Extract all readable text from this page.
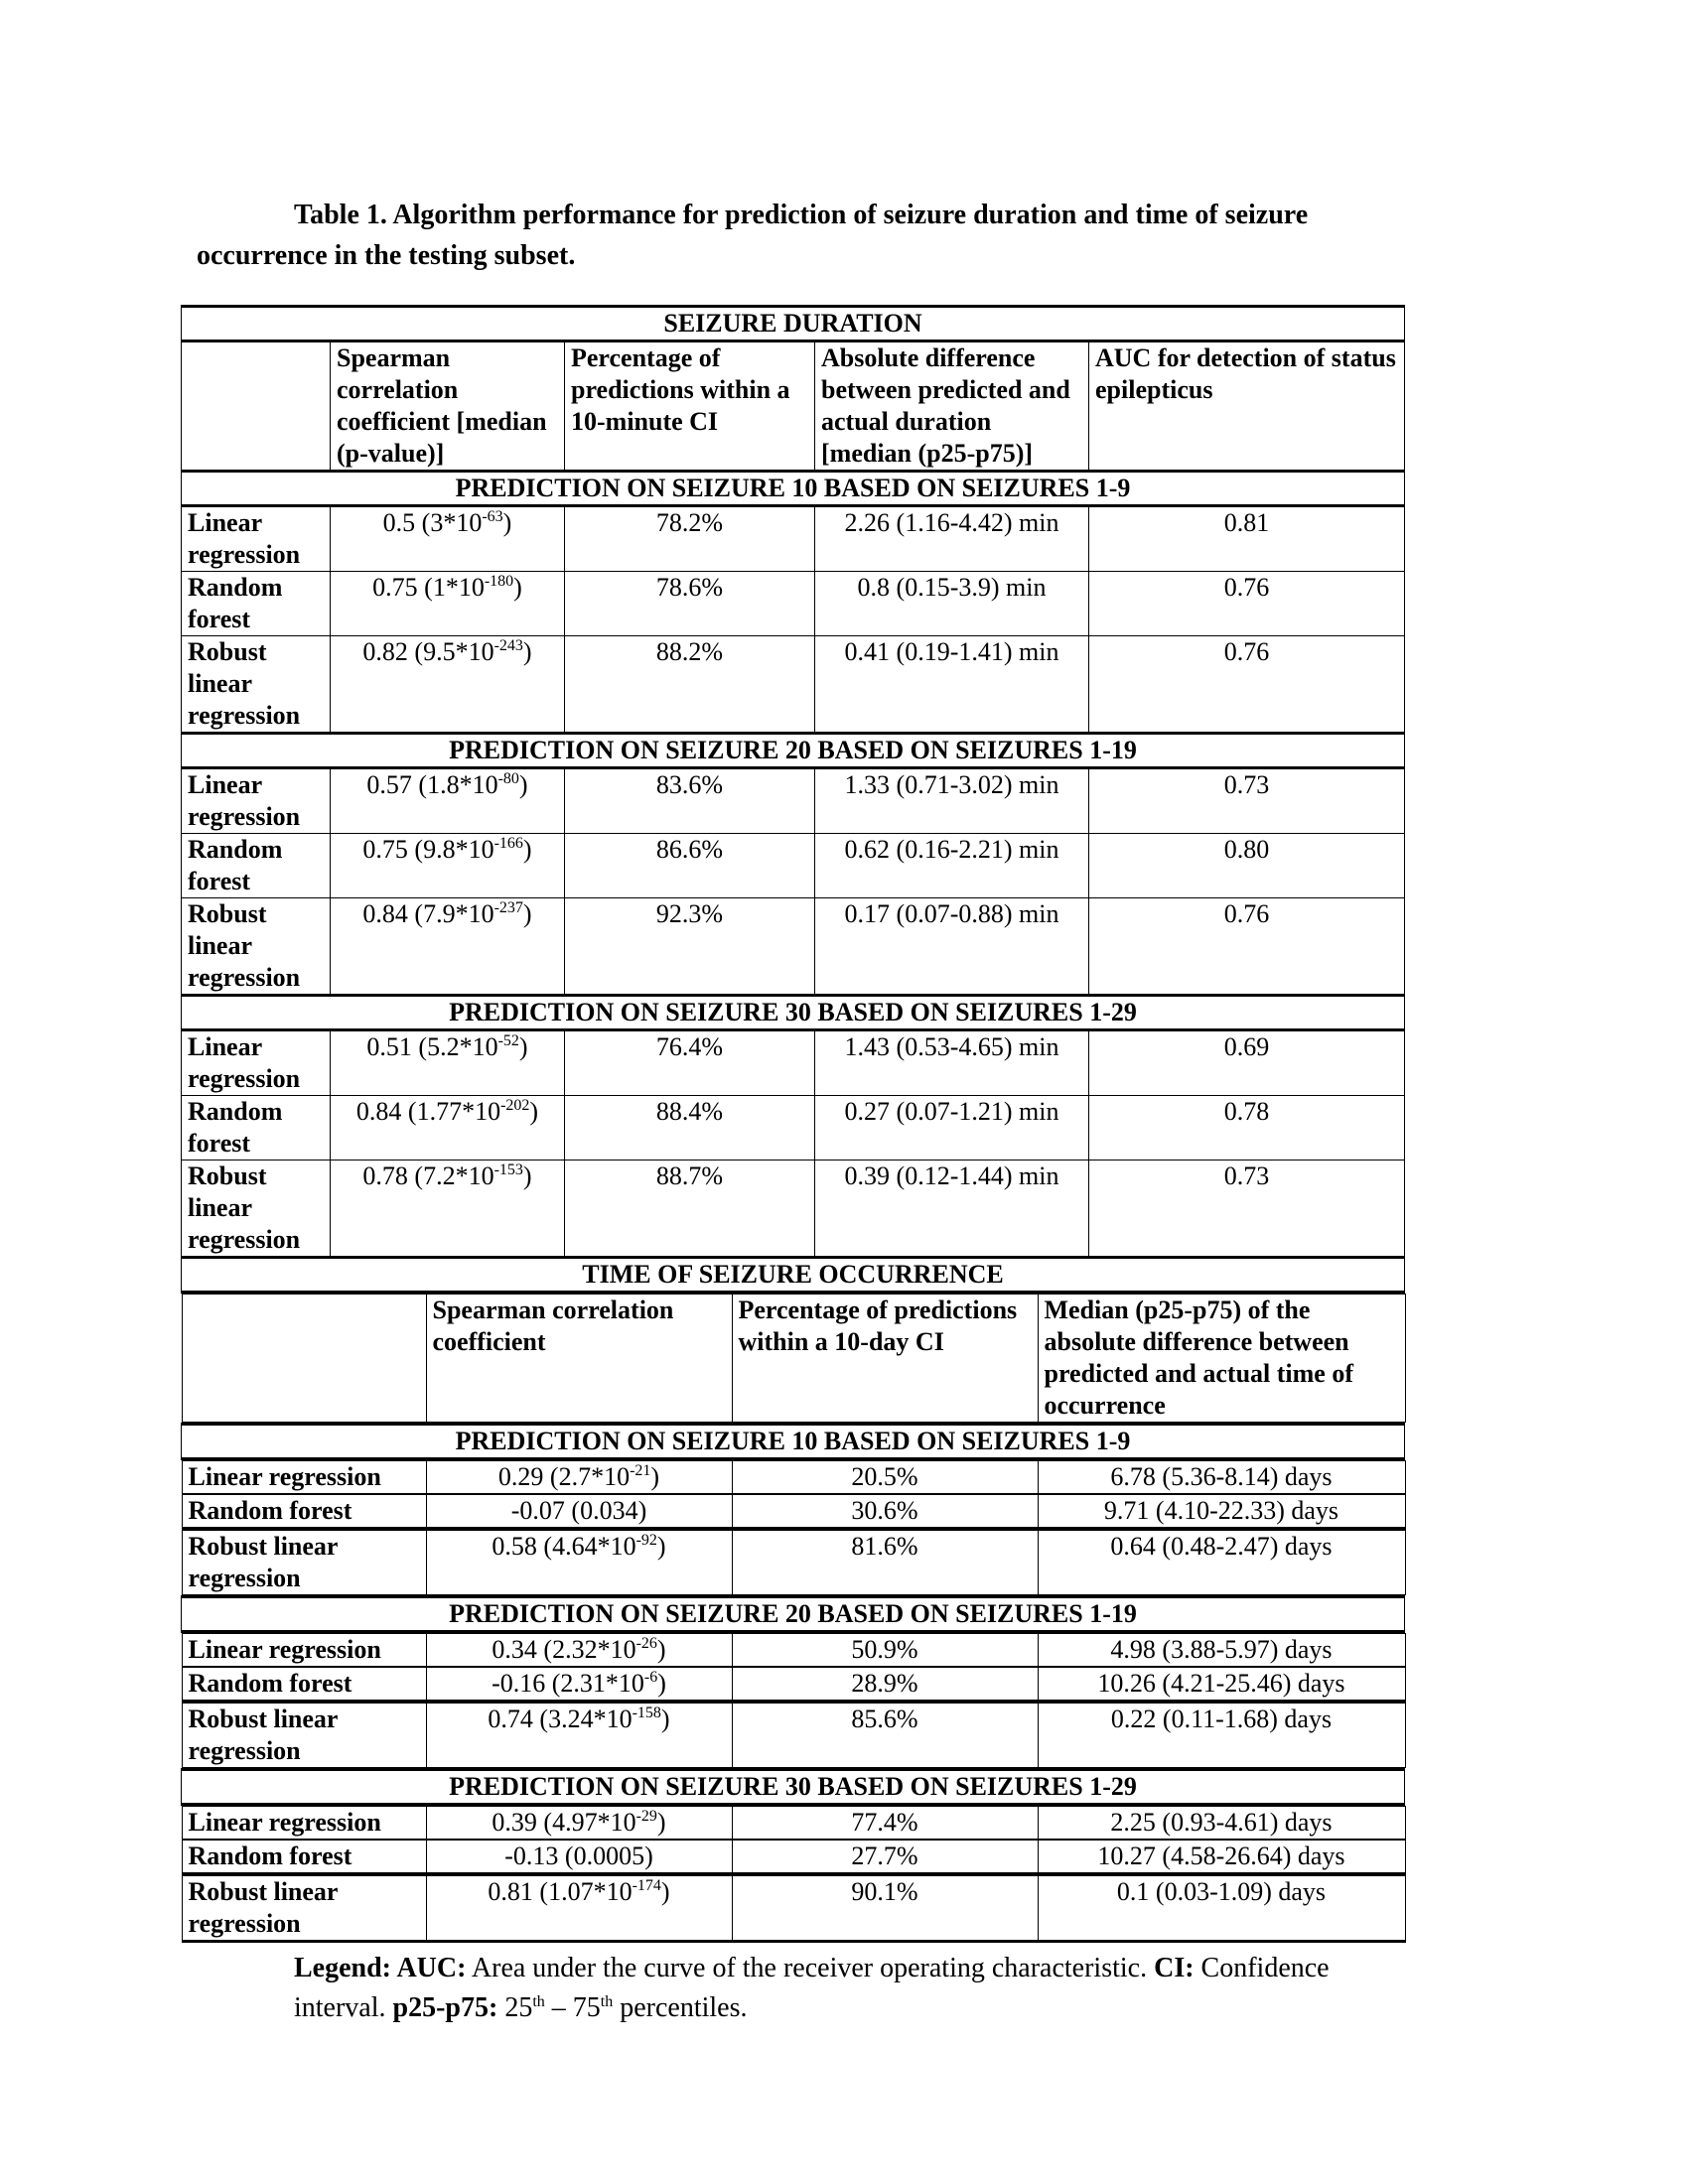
Table 1. Algorithm performance for prediction of seizure duration and time of seizure
occurrence in the testing subset.
SEIZURE DURATION
	Spearman correlation coefficient [median (p-value)]	Percentage of predictions within a 10-minute CI	Absolute difference between predicted and actual duration [median (p25-p75)]	AUC for detection of status epilepticus
PREDICTION ON SEIZURE 10 BASED ON SEIZURES 1-9
Linear regression	0.5 $(3*10^{-63})$	78.2%	2.26 (1.16-4.42) min	0.81
Random forest	0.75 $(1*10^{-180})$	78.6%	0.8 (0.15-3.9) min	0.76
Robust linear regression	0.82 $(9.5*10^{-243})$	88.2%	0.41 (0.19-1.41) min	0.76
PREDICTION ON SEIZURE 20 BASED ON SEIZURES 1-19
Linear regression	0.57 $(1.8*10^{-80})$	83.6%	1.33 (0.71-3.02) min	0.73
Random forest	0.75 $(9.8*10^{-166})$	86.6%	0.62 (0.16-2.21) min	0.80
Robust linear regression	0.84 $(7.9*10^{-237})$	92.3%	0.17 (0.07-0.88) min	0.76
PREDICTION ON SEIZURE 30 BASED ON SEIZURES 1-29
Linear regression	0.51 $(5.2*10^{-52})$	76.4%	1.43 (0.53-4.65) min	0.69
Random forest	0.84 $(1.77*10^{-202})$	88.4%	0.27 (0.07-1.21) min	0.78
Robust linear regression	0.78 $(7.2*10^{-153})$	88.7%	0.39 (0.12-1.44) min	0.73
TIME OF SEIZURE OCCURRENCE

	Spearman correlation coefficient	Percentage of predictions within a 10-day CI	Median (p25-p75) of the absolute difference between predicted and actual time of occurrence

PREDICTION ON SEIZURE 10 BASED ON SEIZURES 1-9

Linear regression	0.29 $(2.7*10^{-21})$	20.5%	6.78 (5.36-8.14) days

Random forest	-0.07 (0.034)	30.6%	9.71 (4.10-22.33) days

Robust linear regression	0.58 $(4.64*10^{-92})$	81.6%	0.64 (0.48-2.47) days

PREDICTION ON SEIZURE 20 BASED ON SEIZURES 1-19

Linear regression	0.34 $(2.32*10^{-26})$	50.9%	4.98 (3.88-5.97) days

Random forest	-0.16 $(2.31*10^{-6})$	28.9%	10.26 (4.21-25.46) days

Robust linear regression	0.74 $(3.24*10^{-158})$	85.6%	0.22 (0.11-1.68) days

PREDICTION ON SEIZURE 30 BASED ON SEIZURES 1-29

Linear regression	0.39 $(4.97*10^{-29})$	77.4%	2.25 (0.93-4.61) days

Random forest	-0.13 (0.0005)	27.7%	10.27 (4.58-26.64) days

Robust linear regression	0.81 $(1.07*10^{-174})$	90.1%	0.1 (0.03-1.09) days
Legend: AUC: Area under the curve of the receiver operating characteristic. CI: Confidence interval. p25-p75: 25th – 75th percentiles.
